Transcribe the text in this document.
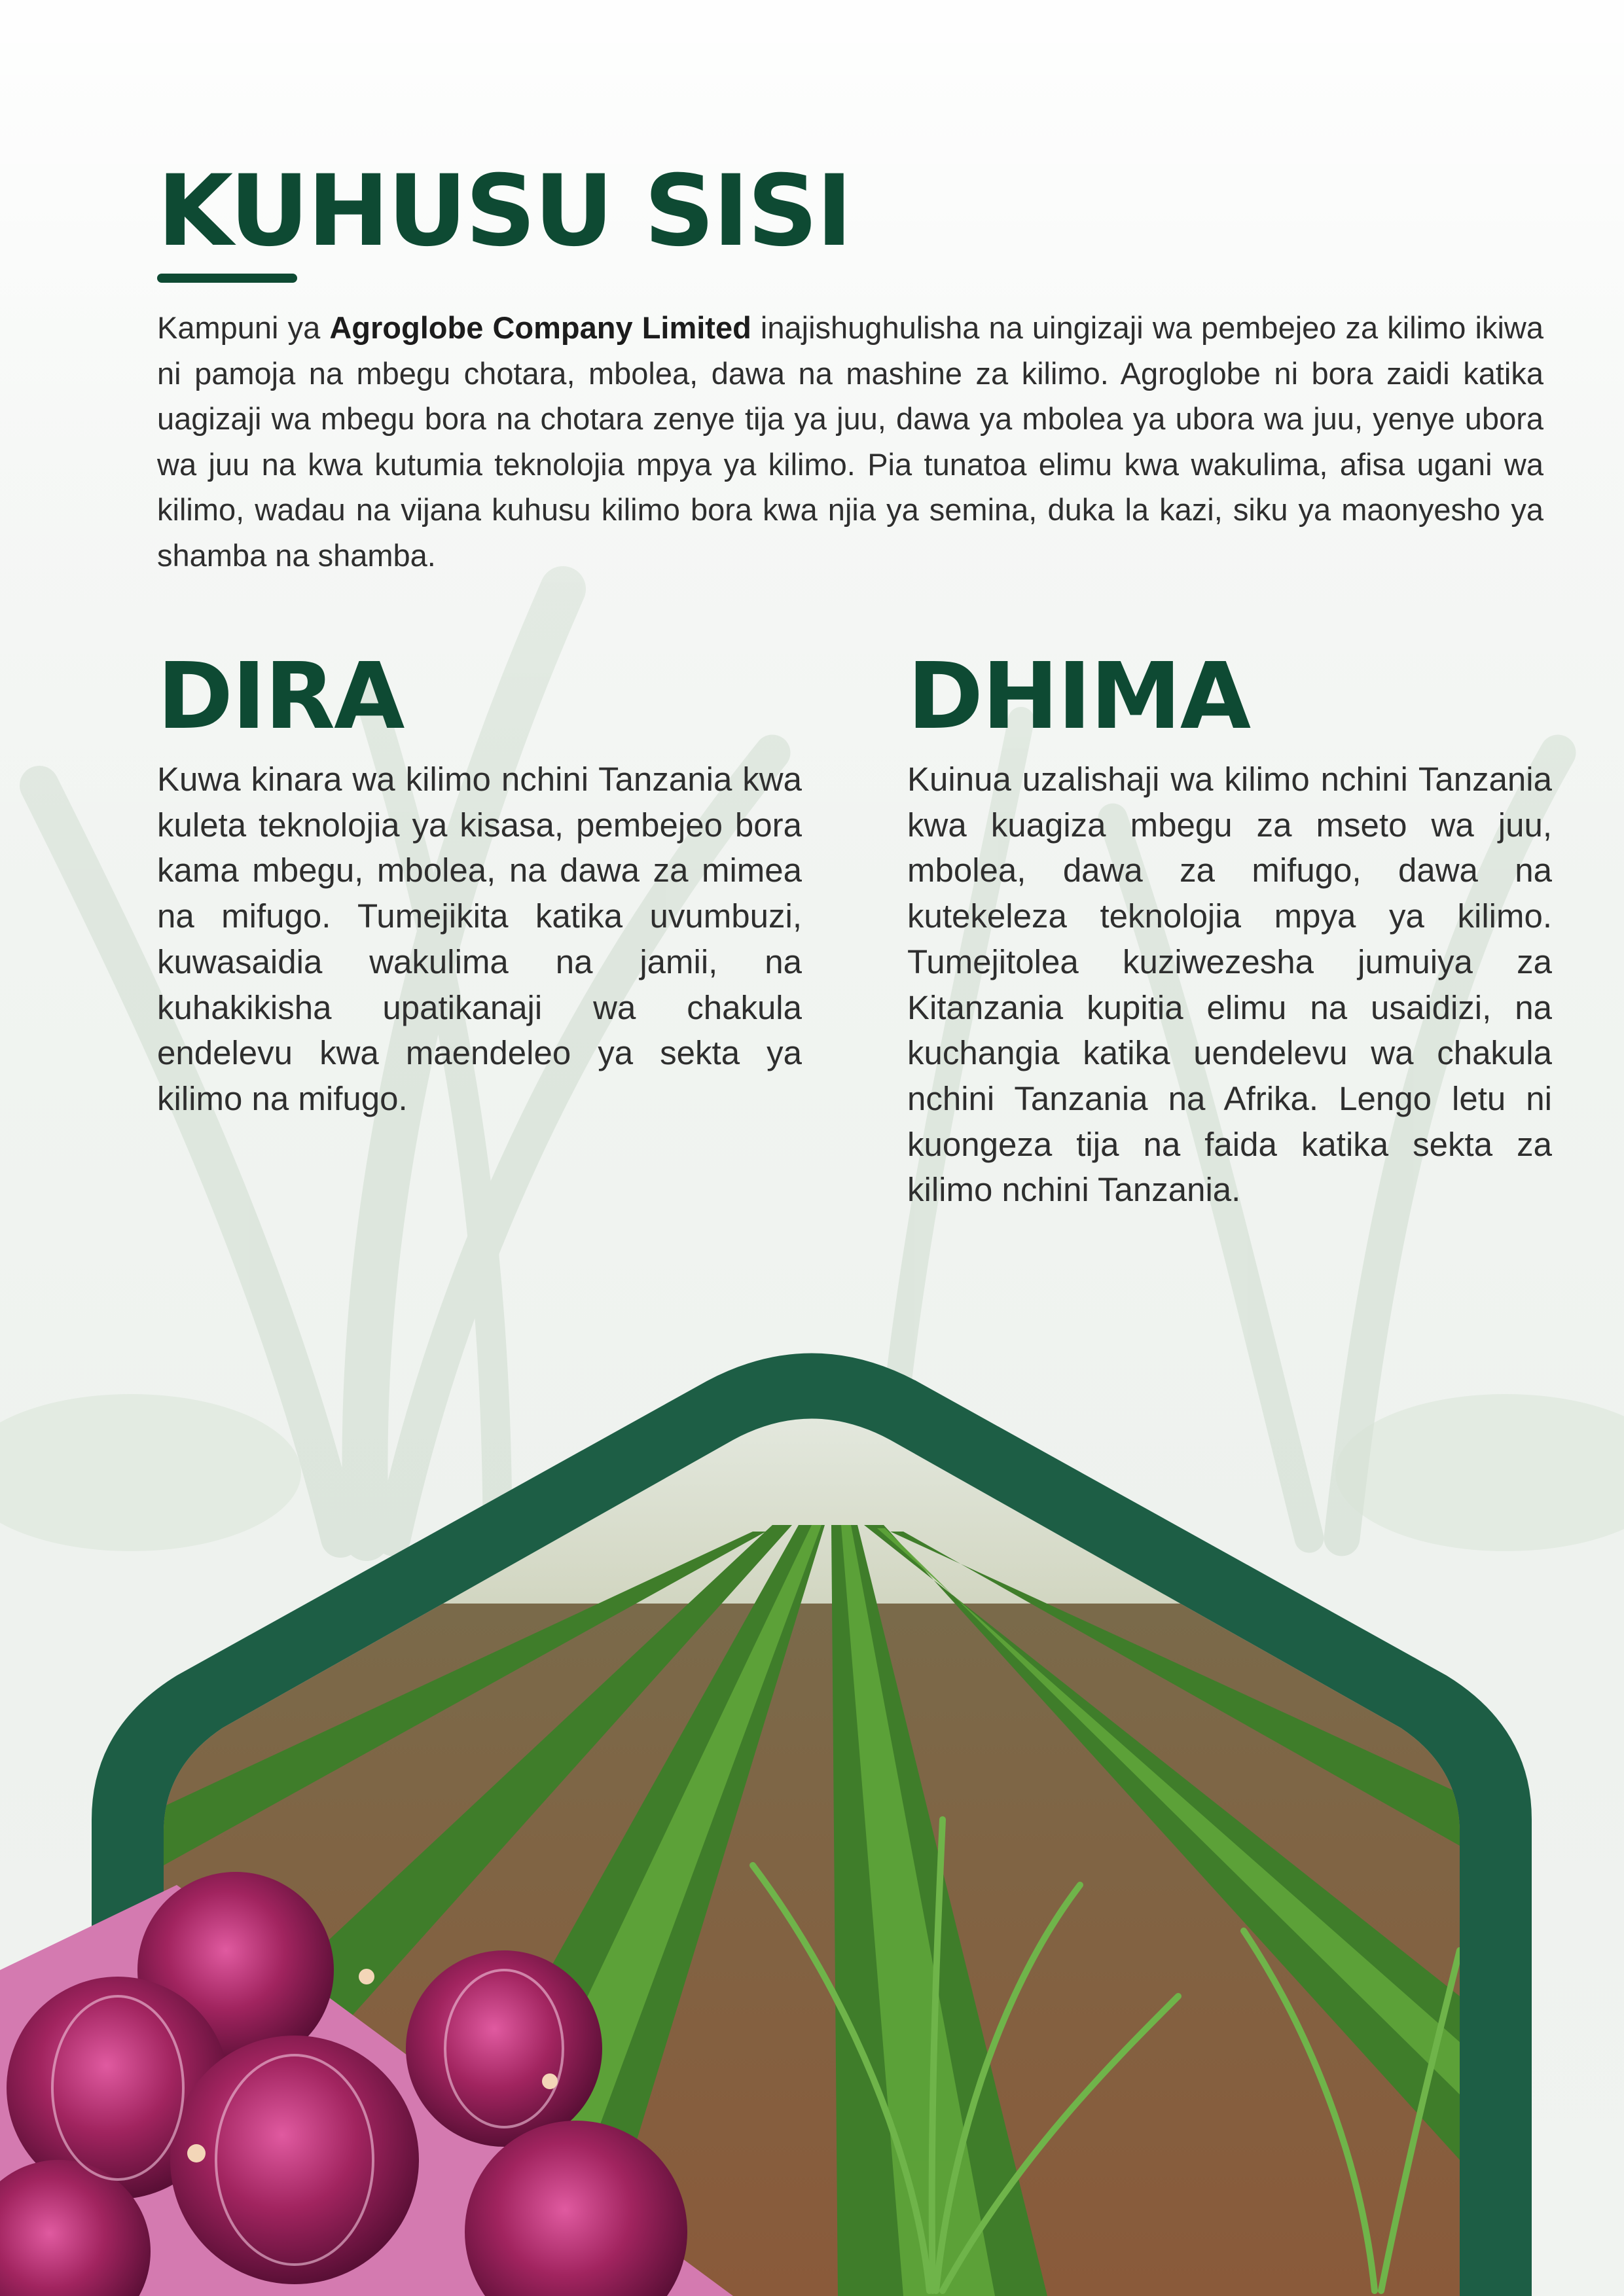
KUHUSU SISI

Kampuni ya Agroglobe Company Limited inajishughulisha na uingizaji wa pembejeo za kilimo ikiwa ni pamoja na mbegu chotara, mbolea, dawa na mashine za kilimo. Agroglobe ni bora zaidi katika uagizaji wa mbegu bora na chotara zenye tija ya juu, dawa ya mbolea ya ubora wa juu, yenye ubora wa juu na kwa kutumia teknolojia mpya ya kilimo. Pia tunatoa elimu kwa wakulima, afisa ugani wa kilimo, wadau na vijana kuhusu kilimo bora kwa njia ya semina, duka la kazi, siku ya maonyesho ya shamba na shamba.

DIRA

Kuwa kinara wa kilimo nchini Tanzania kwa kuleta teknolojia ya kisasa, pembejeo bora kama mbegu, mbolea, na dawa za mimea na mifugo. Tumejikita katika uvumbuzi, kuwasaidia wakulima na jamii, na kuhakikisha upatikanaji wa chakula endelevu kwa maendeleo ya sekta ya kilimo na mifugo.

DHIMA

Kuinua uzalishaji wa kilimo nchini Tanzania kwa kuagiza mbegu za mseto wa juu, mbolea, dawa za mifugo, dawa na kutekeleza teknolojia mpya ya kilimo. Tumejitolea kuziwezesha jumuiya za Kitanzania kupitia elimu na usaidizi, na kuchangia katika uendelevu wa chakula nchini Tanzania na Afrika. Lengo letu ni kuongeza tija na faida katika sekta za kilimo nchini Tanzania.
